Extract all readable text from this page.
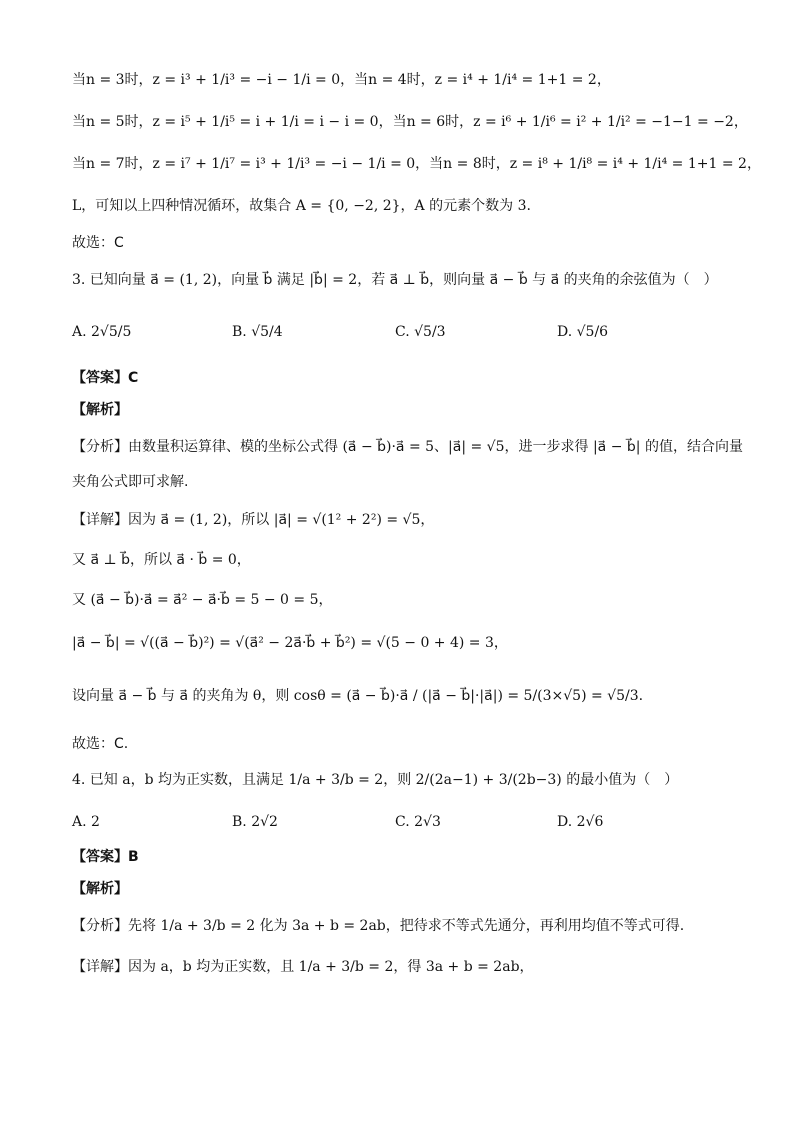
当n = 3时，z = i³ + 1/i³ = −i − 1/i = 0，当n = 4时，z = i⁴ + 1/i⁴ = 1+1 = 2，
当n = 5时，z = i⁵ + 1/i⁵ = i + 1/i = i − i = 0，当n = 6时，z = i⁶ + 1/i⁶ = i² + 1/i² = −1−1 = −2，
当n = 7时，z = i⁷ + 1/i⁷ = i³ + 1/i³ = −i − 1/i = 0，当n = 8时，z = i⁸ + 1/i⁸ = i⁴ + 1/i⁴ = 1+1 = 2，
L，可知以上四种情况循环，故集合 A = {0, −2, 2}，A 的元素个数为 3.
故选：C
3. 已知向量 a⃗ = (1, 2)，向量 b⃗ 满足 |b⃗| = 2，若 a⃗ ⊥ b⃗，则向量 a⃗ − b⃗ 与 a⃗ 的夹角的余弦值为（　）
A. 2√5/5	B. √5/4	C. √5/3	D. √5/6
【答案】C
【解析】
【分析】由数量积运算律、模的坐标公式得 (a⃗ − b⃗)·a⃗ = 5、|a⃗| = √5，进一步求得 |a⃗ − b⃗| 的值，结合向量
夹角公式即可求解.
【详解】因为 a⃗ = (1, 2)，所以 |a⃗| = √(1² + 2²) = √5，
又 a⃗ ⊥ b⃗，所以 a⃗ · b⃗ = 0，
又 (a⃗ − b⃗)·a⃗ = a⃗² − a⃗·b⃗ = 5 − 0 = 5，
|a⃗ − b⃗| = √((a⃗ − b⃗)²) = √(a⃗² − 2a⃗·b⃗ + b⃗²) = √(5 − 0 + 4) = 3，
设向量 a⃗ − b⃗ 与 a⃗ 的夹角为 θ，则 cosθ = (a⃗ − b⃗)·a⃗ / (|a⃗ − b⃗|·|a⃗|) = 5/(3×√5) = √5/3.
故选：C.
4. 已知 a，b 均为正实数，且满足 1/a + 3/b = 2，则 2/(2a−1) + 3/(2b−3) 的最小值为（　）
A. 2	B. 2√2	C. 2√3	D. 2√6
【答案】B
【解析】
【分析】先将 1/a + 3/b = 2 化为 3a + b = 2ab，把待求不等式先通分，再利用均值不等式可得.
【详解】因为 a，b 均为正实数，且 1/a + 3/b = 2，得 3a + b = 2ab，
